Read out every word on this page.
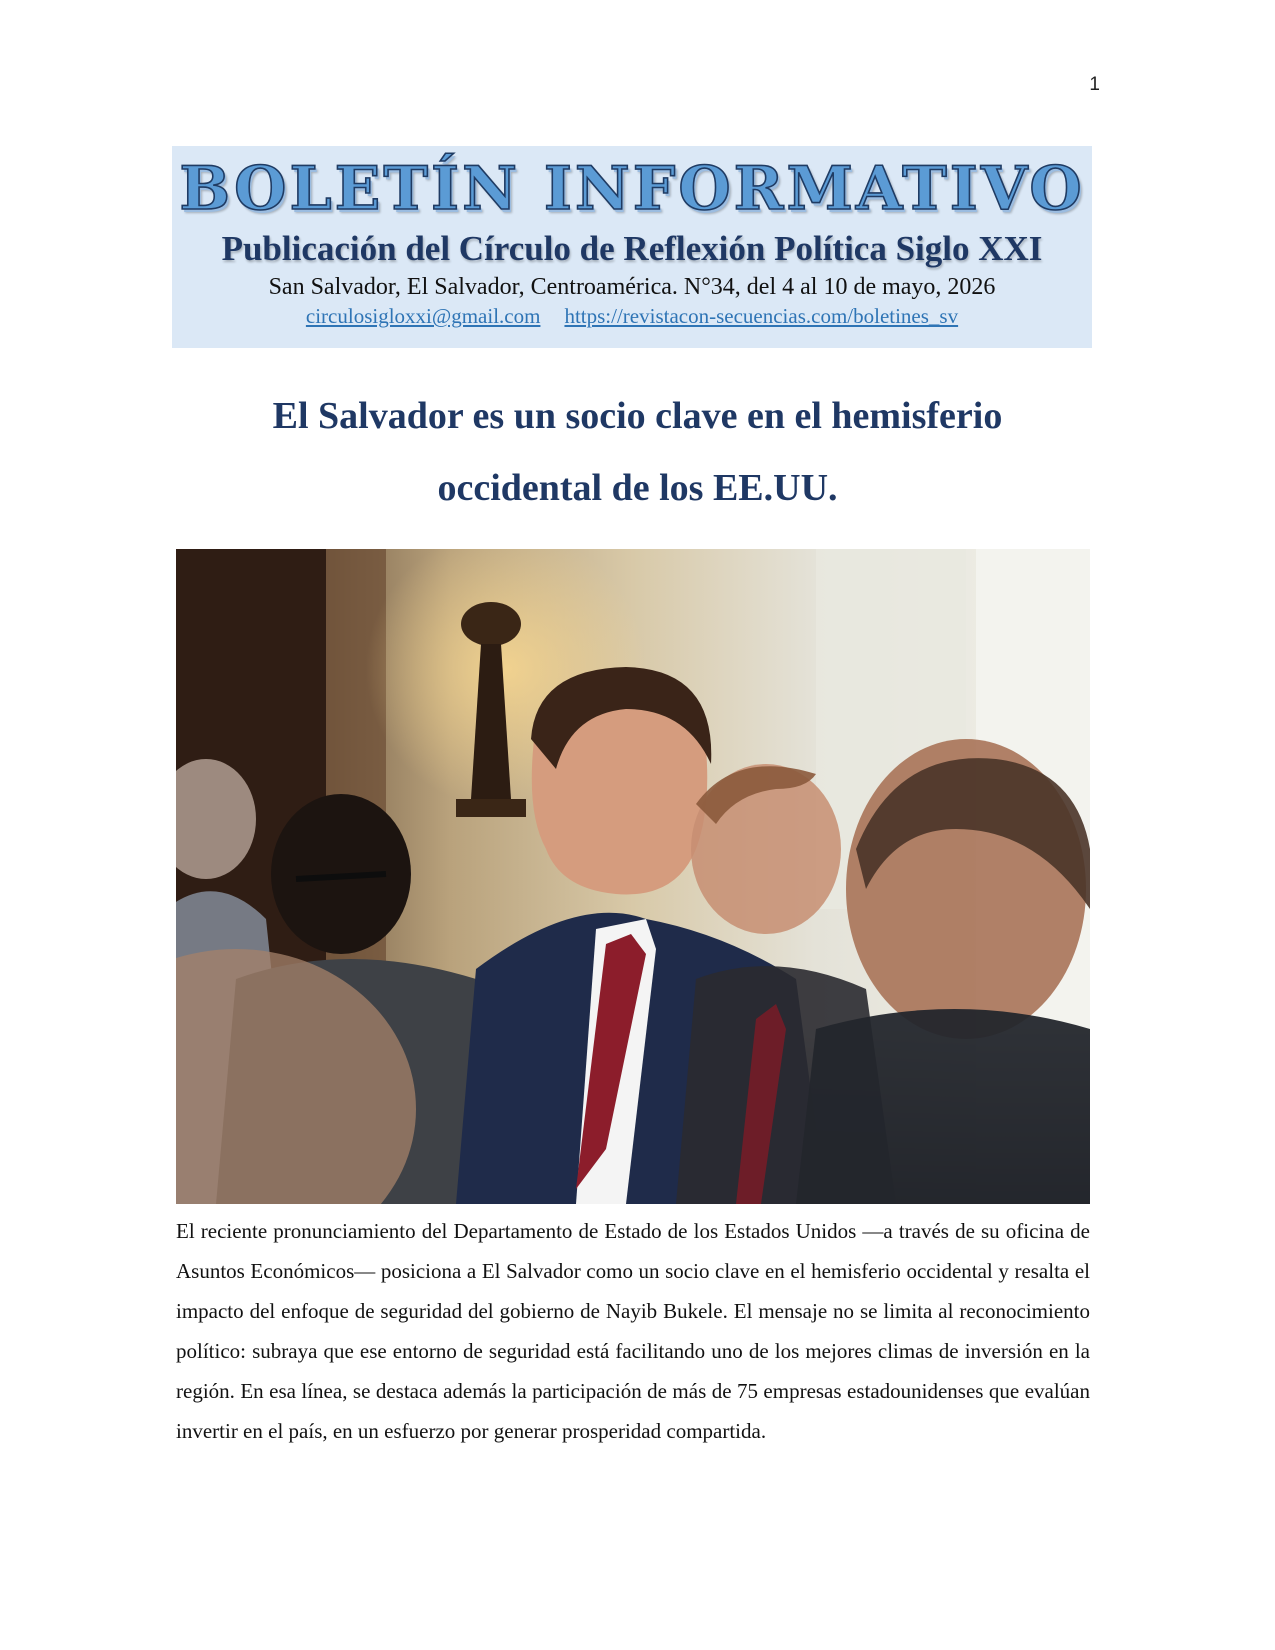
1
BOLETÍN INFORMATIVO
Publicación del Círculo de Reflexión Política Siglo XXI
San Salvador, El Salvador, Centroamérica. N°34, del 4 al 10 de mayo, 2026
circulosigloxxi@gmail.com https://revistacon-secuencias.com/boletines_sv
El Salvador es un socio clave en el hemisferio
occidental de los EE.UU.

El reciente pronunciamiento del Departamento de Estado de los Estados Unidos —a través de su oficina de Asuntos Económicos— posiciona a El Salvador como un socio clave en el hemisferio occidental y resalta el impacto del enfoque de seguridad del gobierno de Nayib Bukele. El mensaje no se limita al reconocimiento político: subraya que ese entorno de seguridad está facilitando uno de los mejores climas de inversión en la región. En esa línea, se destaca además la participación de más de 75 empresas estadounidenses que evalúan invertir en el país, en un esfuerzo por generar prosperidad compartida.
